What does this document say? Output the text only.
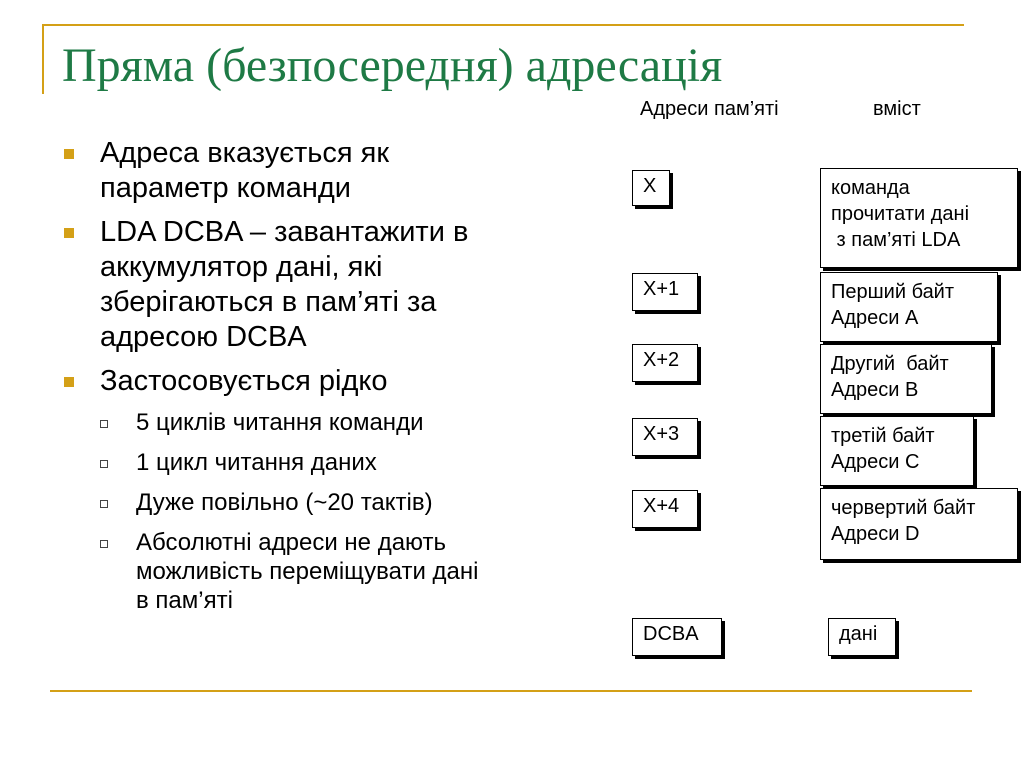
Пряма (безпосередня) адресація
Адреси пам’яті	вміст
Адреса вказується як
параметр команди
LDA DCBA – завантажити в
аккумулятор дані, які
зберігаються в пам’яті за
адресою DCBA
Застосовується рідко
5 циклів читання команди
1 цикл читання даних
Дуже повільно (~20 тактів)
Абсолютні адреси не дають
можливість переміщувати дані
в пам’яті
X
X+1
X+2
X+3
X+4
DCBA
команда
прочитати дані
з пам’яті LDA
Перший байт
Адреси A
Другий  байт
Адреси B
третій байт
Адреси C
червертий байт
Адреси D
дані
